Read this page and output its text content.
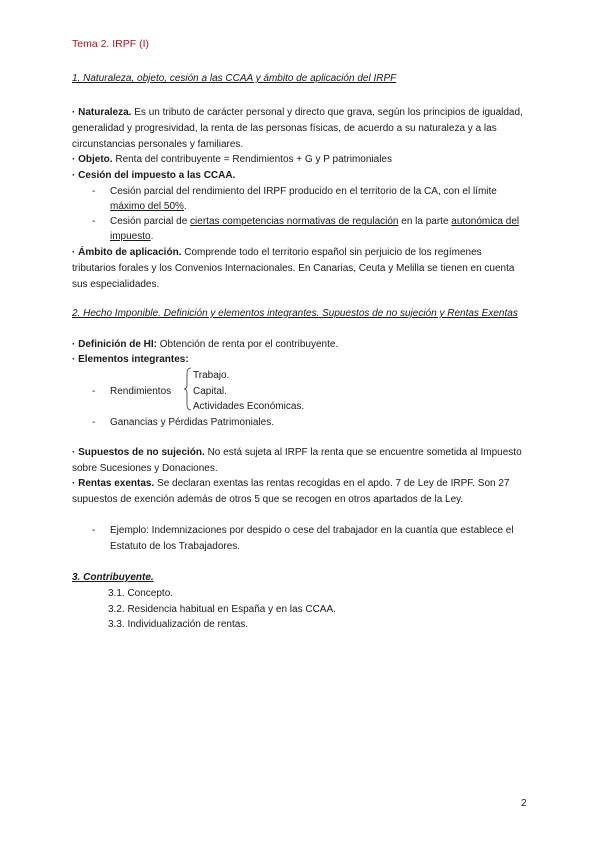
Tema 2. IRPF (I)
1. Naturaleza, objeto, cesión a las CCAA y ámbito de aplicación del IRPF
· Naturaleza. Es un tributo de carácter personal y directo que grava, según los principios de igualdad,
generalidad y progresividad, la renta de las personas físicas, de acuerdo a su naturaleza y a las
circunstancias personales y familiares.
· Objeto. Renta del contribuyente = Rendimientos + G y P patrimoniales
· Cesión del impuesto a las CCAA.
- Cesión parcial del rendimiento del IRPF producido en el territorio de la CA, con el límite
máximo del 50%.
- Cesión parcial de ciertas competencias normativas de regulación en la parte autonómica del
impuesto.
· Ámbito de aplicación. Comprende todo el territorio español sin perjuicio de los regímenes
tributarios forales y los Convenios Internacionales. En Canarias, Ceuta y Melilla se tienen en cuenta
sus especialidades.
2. Hecho Imponible. Definición y elementos integrantes. Supuestos de no sujeción y Rentas Exentas
· Definición de HI: Obtención de renta por el contribuyente.
· Elementos integrantes:
Trabajo.
- Rendimientos Capital.
Actividades Económicas.
- Ganancias y Pérdidas Patrimoniales.
· Supuestos de no sujeción. No está sujeta al IRPF la renta que se encuentre sometida al Impuesto
sobre Sucesiones y Donaciones.
· Rentas exentas. Se declaran exentas las rentas recogidas en el apdo. 7 de Ley de IRPF. Son 27
supuestos de exención además de otros 5 que se recogen en otros apartados de la Ley.
- Ejemplo: Indemnizaciones por despido o cese del trabajador en la cuantía que establece el
Estatuto de los Trabajadores.
3. Contribuyente.
3.1. Concepto.
3.2. Residencia habitual en España y en las CCAA.
3.3. Individualización de rentas.
2
